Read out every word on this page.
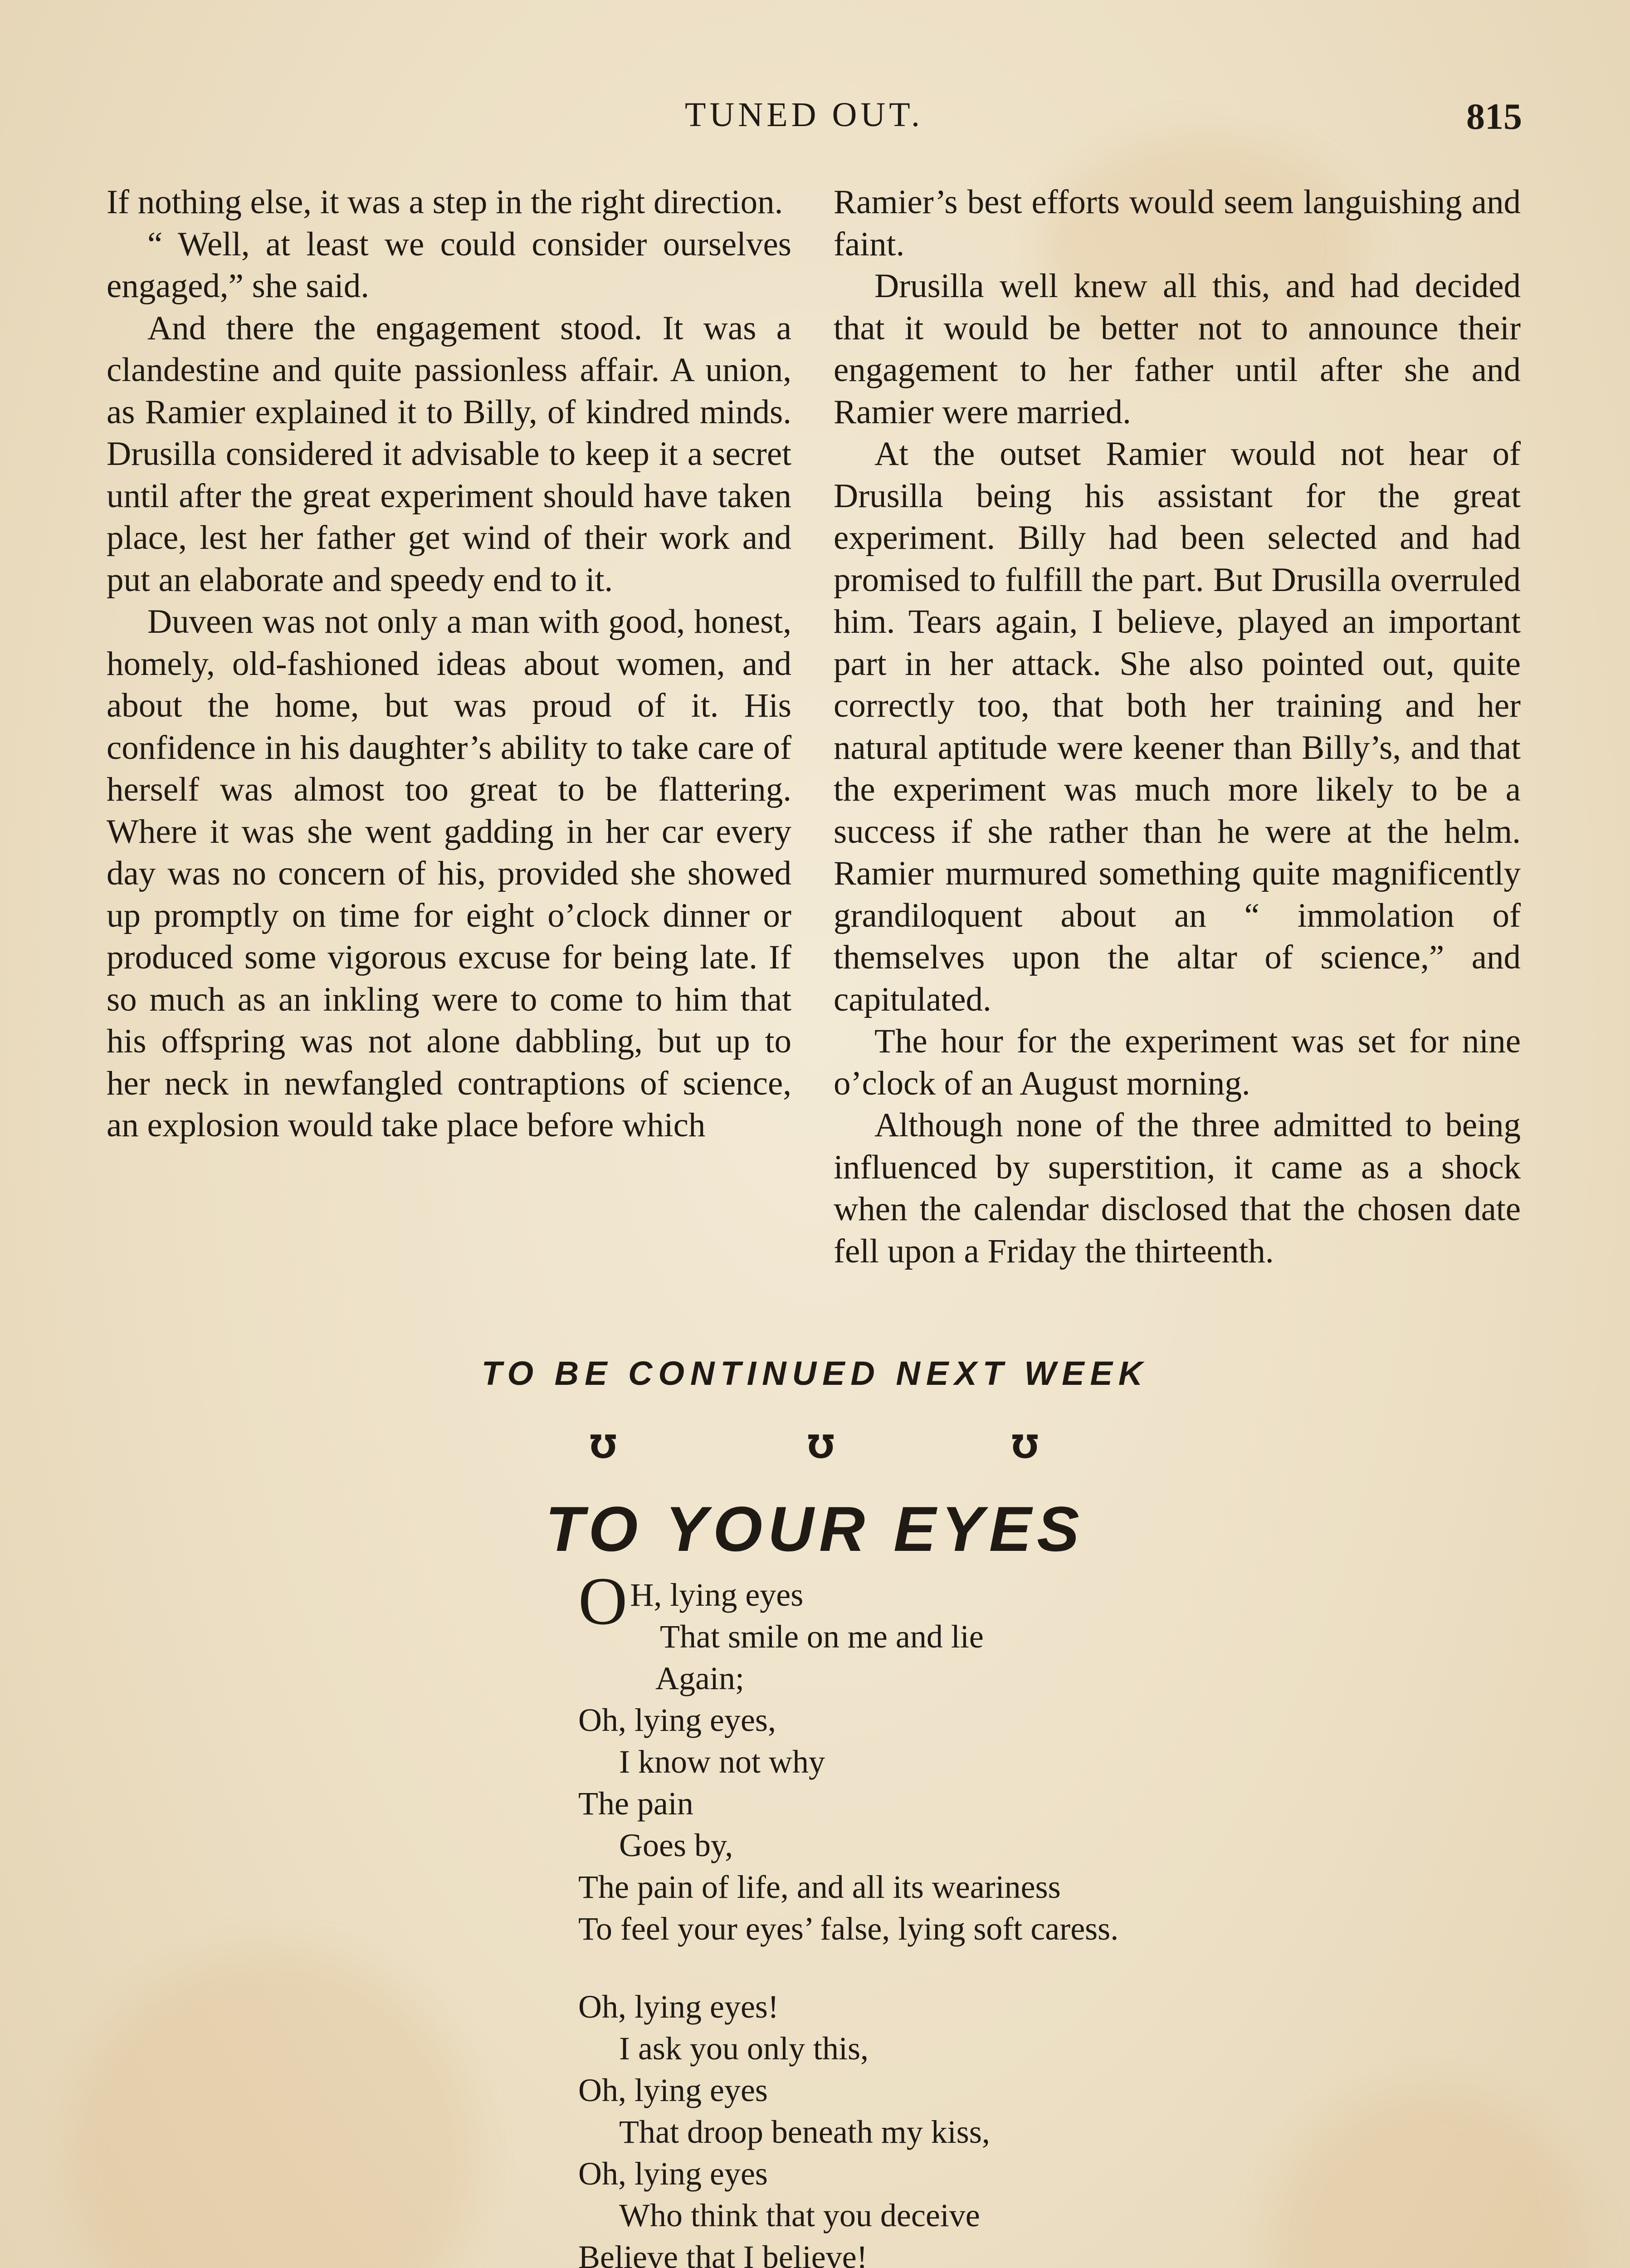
TUNED OUT.	815

If nothing else, it was a step in the right direction.

“ Well, at least we could consider ourselves engaged,” she said.

And there the engagement stood. It was a clandestine and quite passionless affair. A union, as Ramier explained it to Billy, of kindred minds. Drusilla considered it advisable to keep it a secret until after the great experiment should have taken place, lest her father get wind of their work and put an elaborate and speedy end to it.

Duveen was not only a man with good, honest, homely, old-fashioned ideas about women, and about the home, but was proud of it. His confidence in his daughter’s ability to take care of herself was almost too great to be flattering. Where it was she went gadding in her car every day was no concern of his, provided she showed up promptly on time for eight o’clock dinner or produced some vigorous excuse for being late. If so much as an inkling were to come to him that his offspring was not alone dabbling, but up to her neck in newfangled contraptions of science, an explosion would take place before which

Ramier’s best efforts would seem languishing and faint.

Drusilla well knew all this, and had decided that it would be better not to announce their engagement to her father until after she and Ramier were married.

At the outset Ramier would not hear of Drusilla being his assistant for the great experiment. Billy had been selected and had promised to fulfill the part. But Drusilla overruled him. Tears again, I believe, played an important part in her attack. She also pointed out, quite correctly too, that both her training and her natural aptitude were keener than Billy’s, and that the experiment was much more likely to be a success if she rather than he were at the helm. Ramier murmured something quite magnificently grandiloquent about an “ immolation of themselves upon the altar of science,” and capitulated.

The hour for the experiment was set for nine o’clock of an August morning.

Although none of the three admitted to being influenced by superstition, it came as a shock when the calendar disclosed that the chosen date fell upon a Friday the thirteenth.

TO BE CONTINUED NEXT WEEK
Ʊ	Ʊ	Ʊ
TO YOUR EYES
O H, lying eyes
That smile on me and lie
Again;
Oh, lying eyes,
I know not why
The pain
Goes by,
The pain of life, and all its weariness
To feel your eyes’ false, lying soft caress.
Oh, lying eyes!
I ask you only this,
Oh, lying eyes
That droop beneath my kiss,
Oh, lying eyes
Who think that you deceive
Believe that I believe!
